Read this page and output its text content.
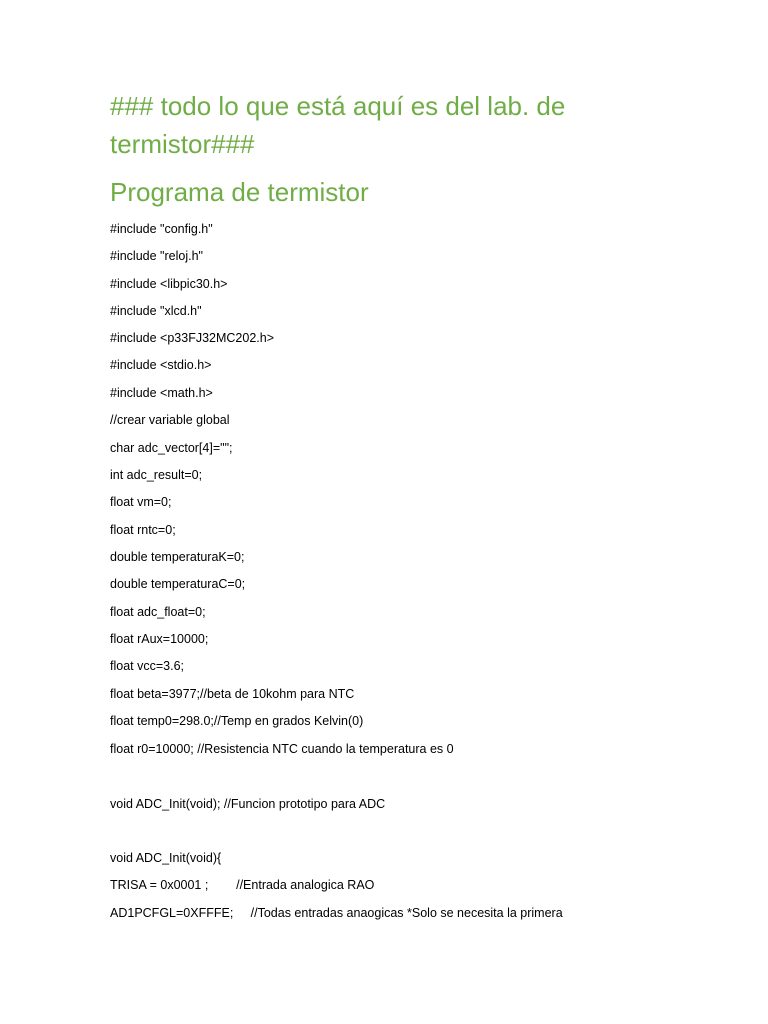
### todo lo que está aquí es del lab. de
termistor###
Programa de termistor
#include "config.h"
#include "reloj.h"
#include <libpic30.h>
#include "xlcd.h"
#include <p33FJ32MC202.h>
#include <stdio.h>
#include <math.h>
//crear variable global
char adc_vector[4]="";
int adc_result=0;
float vm=0;
float rntc=0;
double temperaturaK=0;
double temperaturaC=0;
float adc_float=0;
float rAux=10000;
float vcc=3.6;
float beta=3977;//beta de 10kohm para NTC
float temp0=298.0;//Temp en grados Kelvin(0)
float r0=10000; //Resistencia NTC cuando la temperatura es 0
void ADC_Init(void); //Funcion prototipo para ADC
void ADC_Init(void){
TRISA = 0x0001 ;        //Entrada analogica RAO
AD1PCFGL=0XFFFE;     //Todas entradas anaogicas *Solo se necesita la primera
